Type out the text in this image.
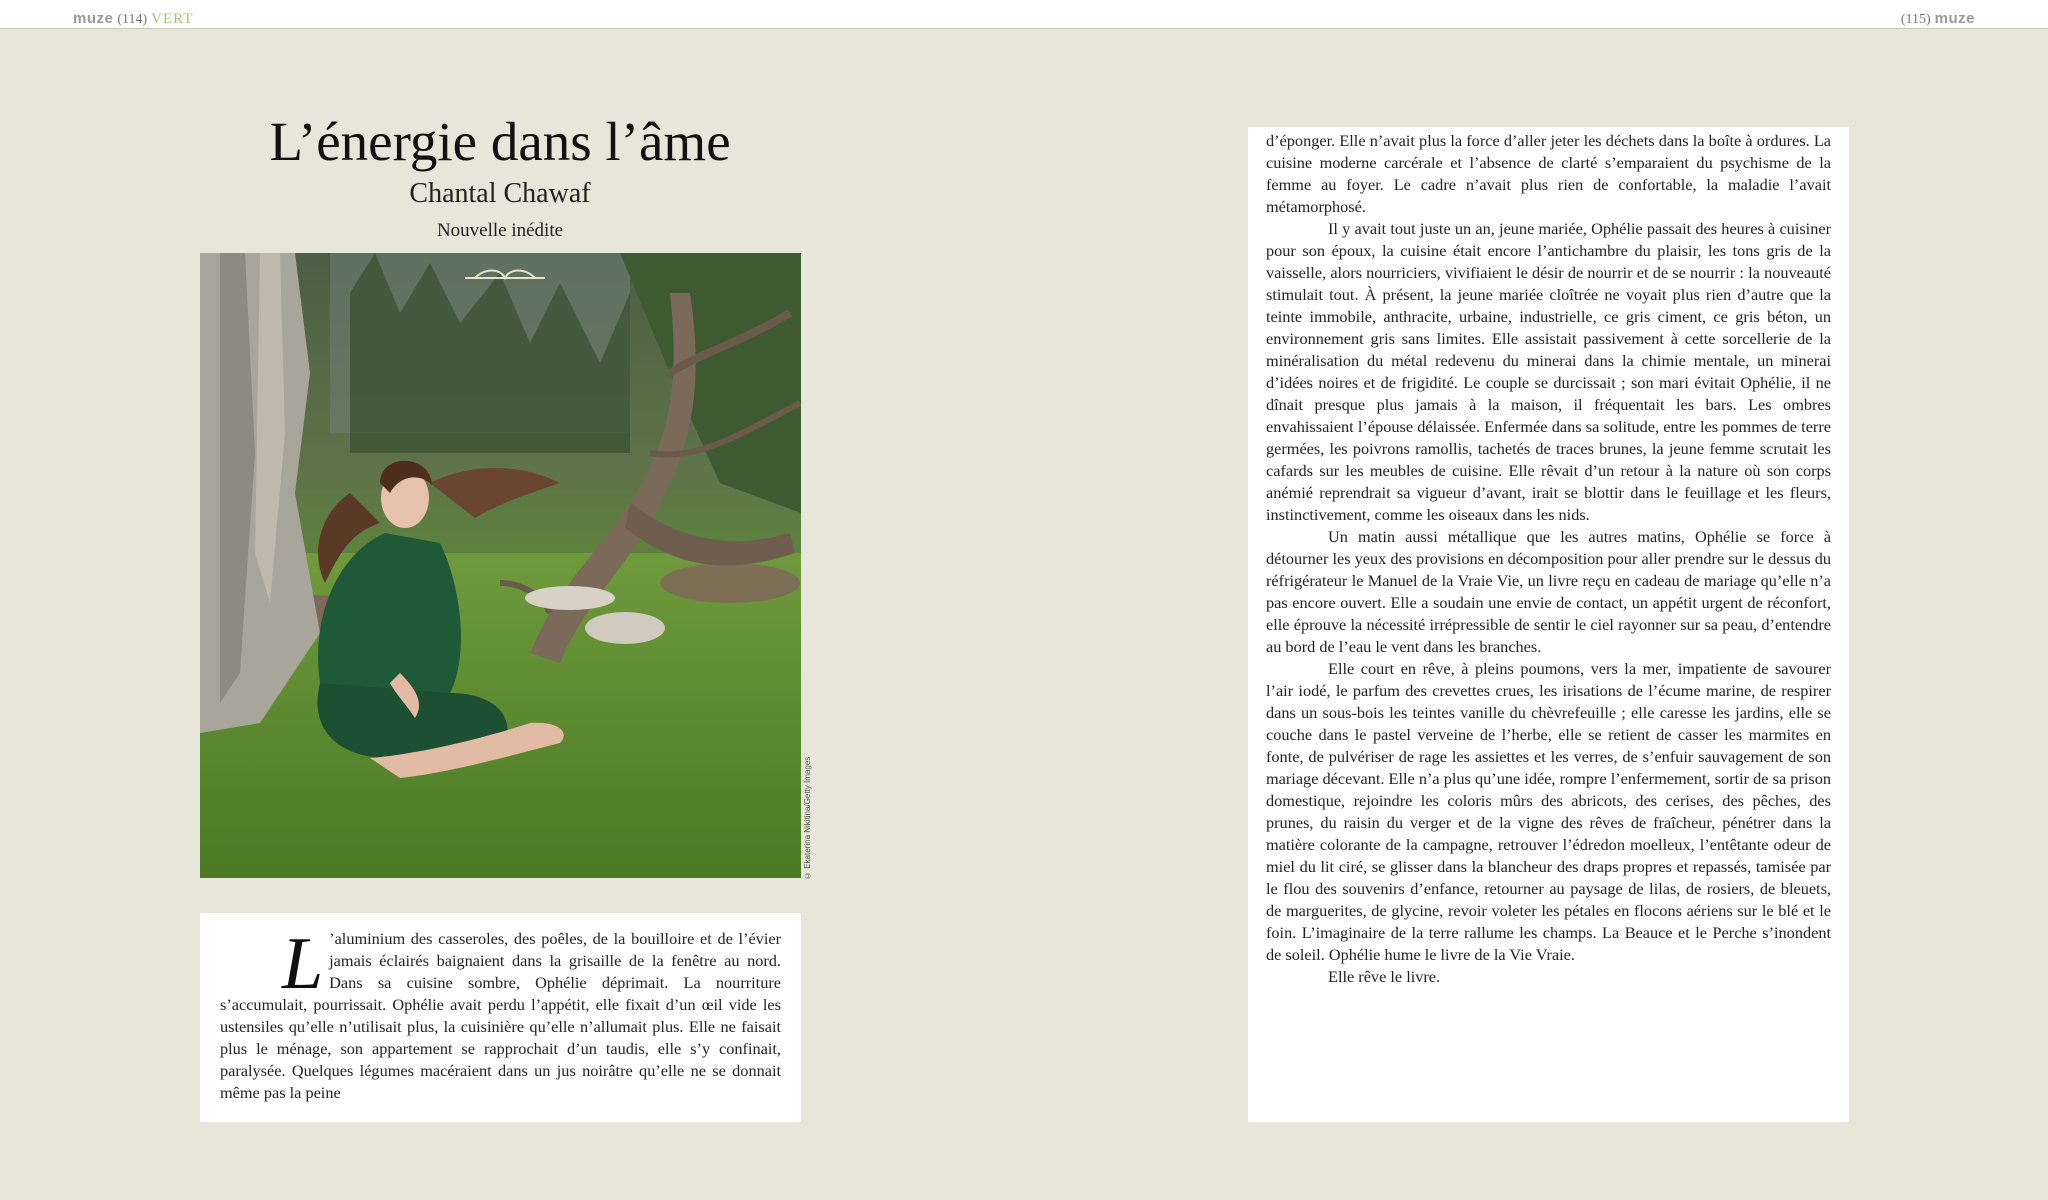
muze (114) VERT	(115) muze
L’énergie dans l’âme
Chantal Chawaf
Nouvelle inédite
© Ekaterina Nikitina/Getty Images
L ’aluminium des casseroles, des poêles, de la bouilloire et de l’évier jamais éclairés baignaient dans la grisaille de la fenêtre au nord. Dans sa cuisine sombre, Ophélie déprimait. La nourriture s’accumulait, pourrissait. Ophélie avait perdu l’appétit, elle fixait d’un œil vide les ustensiles qu’elle n’utilisait plus, la cuisinière qu’elle n’allumait plus. Elle ne faisait plus le ménage, son appartement se rapprochait d’un taudis, elle s’y confinait, paralysée. Quelques légumes macéraient dans un jus noirâtre qu’elle ne se donnait même pas la peine

d’éponger. Elle n’avait plus la force d’aller jeter les déchets dans la boîte à ordures. La cuisine moderne carcérale et l’absence de clarté s’emparaient du psychisme de la femme au foyer. Le cadre n’avait plus rien de confortable, la maladie l’avait métamorphosé.

Il y avait tout juste un an, jeune mariée, Ophélie passait des heures à cuisiner pour son époux, la cuisine était encore l’antichambre du plaisir, les tons gris de la vaisselle, alors nourriciers, vivifiaient le désir de nourrir et de se nourrir : la nouveauté stimulait tout. À présent, la jeune mariée cloîtrée ne voyait plus rien d’autre que la teinte immobile, anthracite, urbaine, industrielle, ce gris ciment, ce gris béton, un environnement gris sans limites. Elle assistait passivement à cette sorcellerie de la minéralisation du métal redevenu du minerai dans la chimie mentale, un minerai d’idées noires et de frigidité. Le couple se durcissait ; son mari évitait Ophélie, il ne dînait presque plus jamais à la maison, il fréquentait les bars. Les ombres envahissaient l’épouse délaissée. Enfermée dans sa solitude, entre les pommes de terre germées, les poivrons ramollis, tachetés de traces brunes, la jeune femme scrutait les cafards sur les meubles de cuisine. Elle rêvait d’un retour à la nature où son corps anémié reprendrait sa vigueur d’avant, irait se blottir dans le feuillage et les fleurs, instinctivement, comme les oiseaux dans les nids.

Un matin aussi métallique que les autres matins, Ophélie se force à détourner les yeux des provisions en décomposition pour aller prendre sur le dessus du réfrigérateur le Manuel de la Vraie Vie, un livre reçu en cadeau de mariage qu’elle n’a pas encore ouvert. Elle a soudain une envie de contact, un appétit urgent de réconfort, elle éprouve la nécessité irrépressible de sentir le ciel rayonner sur sa peau, d’entendre au bord de l’eau le vent dans les branches.

Elle court en rêve, à pleins poumons, vers la mer, impatiente de savourer l’air iodé, le parfum des crevettes crues, les irisations de l’écume marine, de respirer dans un sous-bois les teintes vanille du chèvrefeuille ; elle caresse les jardins, elle se couche dans le pastel verveine de l’herbe, elle se retient de casser les marmites en fonte, de pulvériser de rage les assiettes et les verres, de s’enfuir sauvagement de son mariage décevant. Elle n’a plus qu’une idée, rompre l’enfermement, sortir de sa prison domestique, rejoindre les coloris mûrs des abricots, des cerises, des pêches, des prunes, du raisin du verger et de la vigne des rêves de fraîcheur, pénétrer dans la matière colorante de la campagne, retrouver l’édredon moelleux, l’entêtante odeur de miel du lit ciré, se glisser dans la blancheur des draps propres et repassés, tamisée par le flou des souvenirs d’enfance, retourner au paysage de lilas, de rosiers, de bleuets, de marguerites, de glycine, revoir voleter les pétales en flocons aériens sur le blé et le foin. L’imaginaire de la terre rallume les champs. La Beauce et le Perche s’inondent de soleil. Ophélie hume le livre de la Vie Vraie.

Elle rêve le livre.
